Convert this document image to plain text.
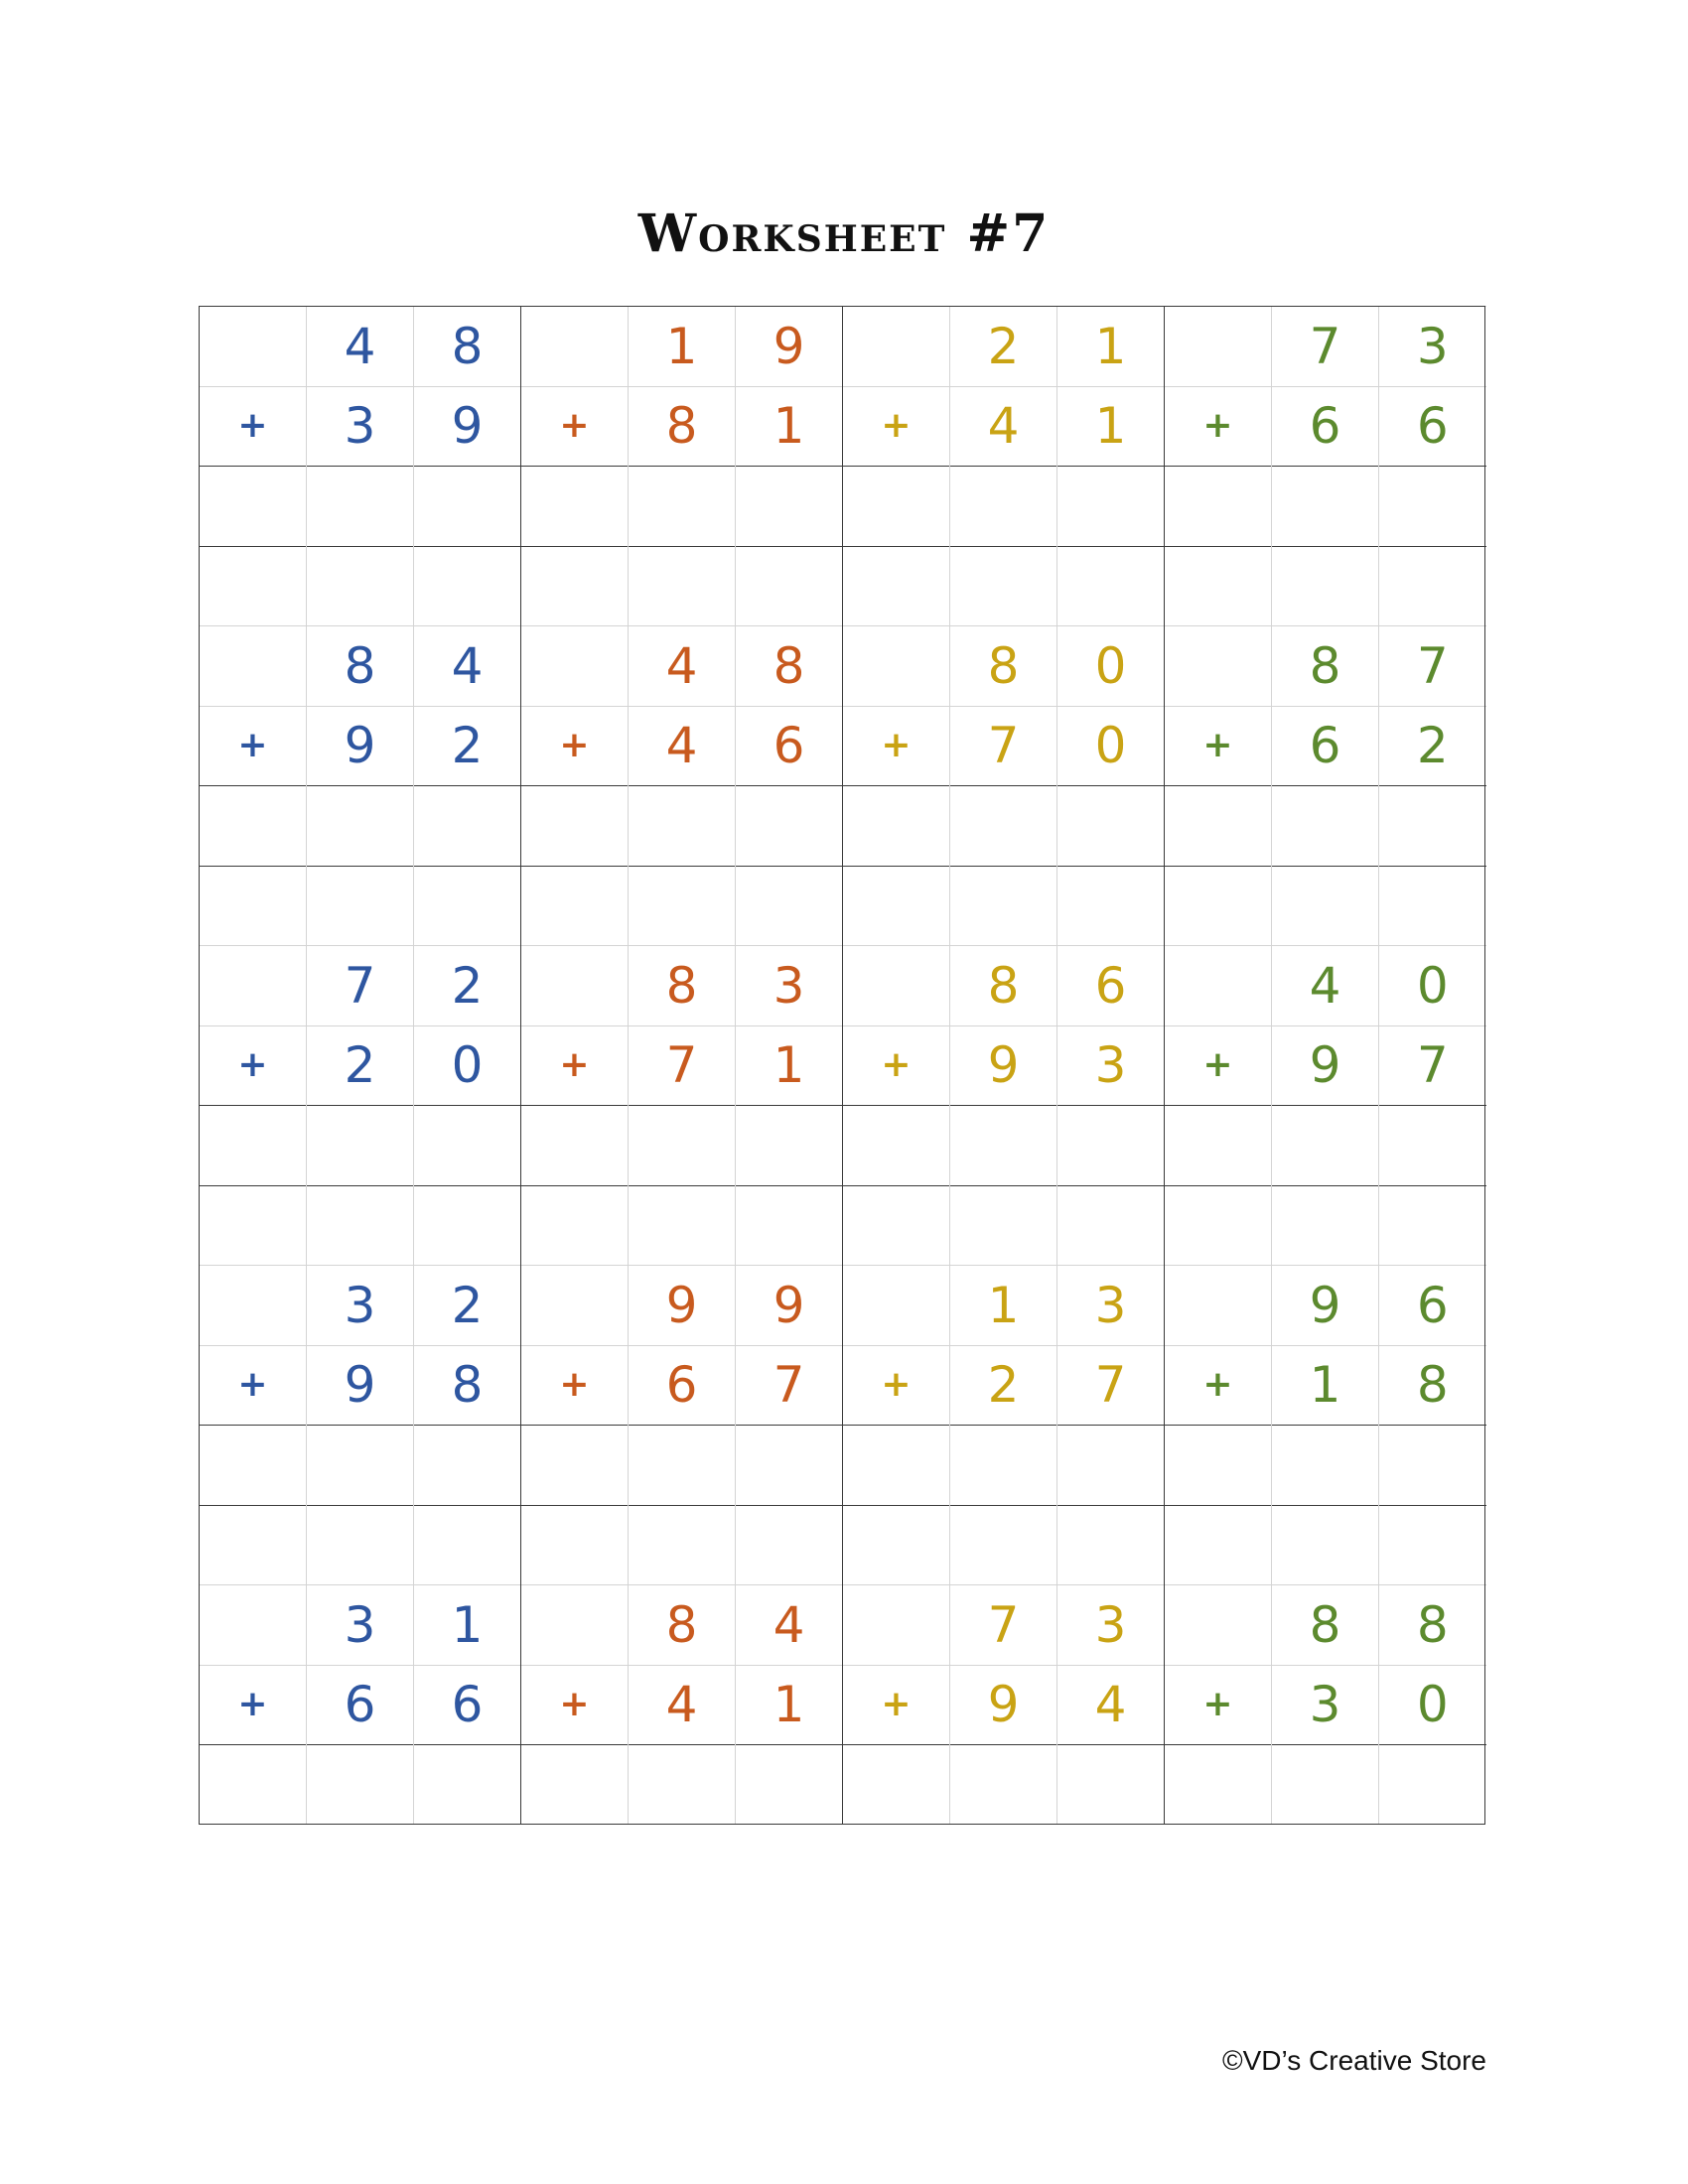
Worksheet #7
	4	8		1	9		2	1		7	3
+	3	9	+	8	1	+	4	1	+	6	6

	8	4		4	8		8	0		8	7
+	9	2	+	4	6	+	7	0	+	6	2

	7	2		8	3		8	6		4	0
+	2	0	+	7	1	+	9	3	+	9	7

	3	2		9	9		1	3		9	6
+	9	8	+	6	7	+	2	7	+	1	8

	3	1		8	4		7	3		8	8
+	6	6	+	4	1	+	9	4	+	3	0

©VD’s Creative Store
